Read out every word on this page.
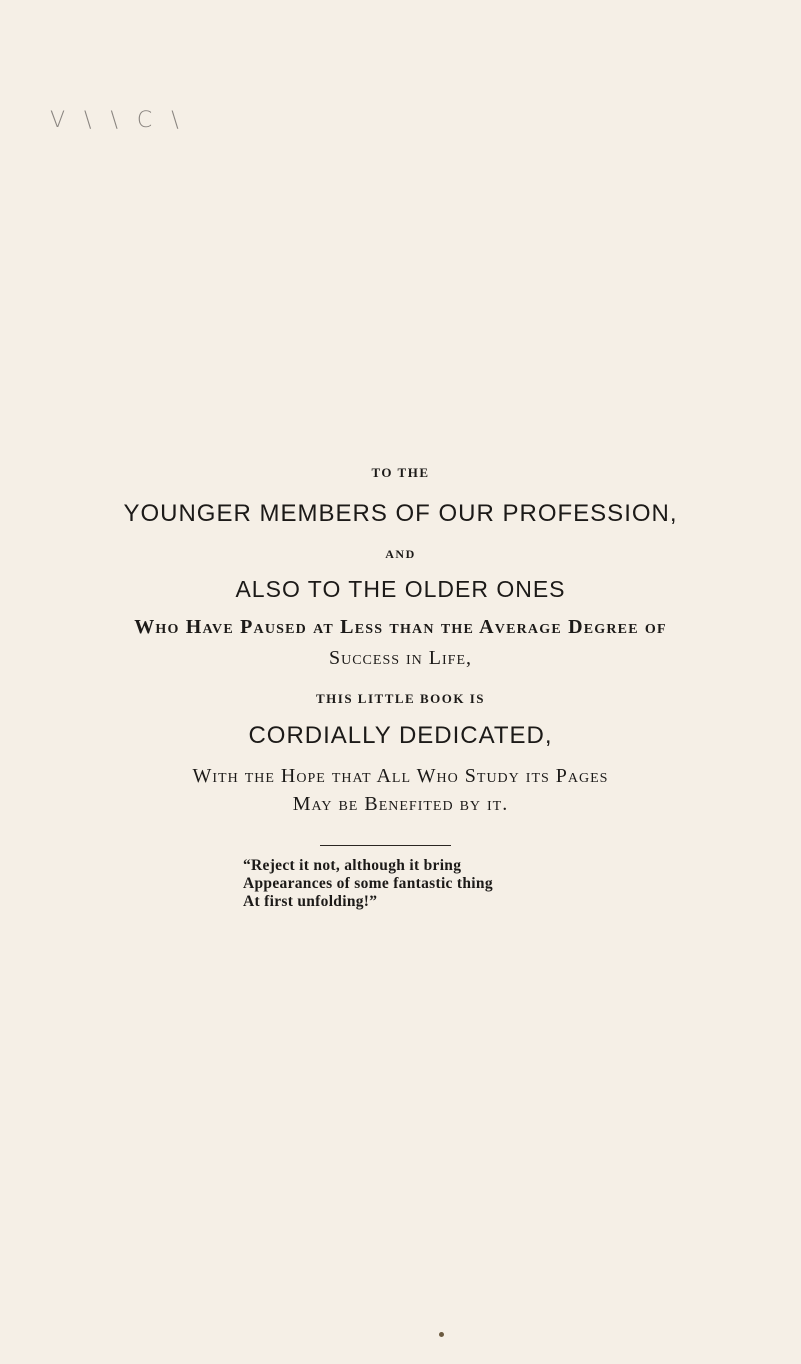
V \ \ C \
TO THE
YOUNGER MEMBERS OF OUR PROFESSION,
AND
ALSO TO THE OLDER ONES
Who Have Paused at Less than the Average Degree of
Success in Life,
THIS LITTLE BOOK IS
CORDIALLY DEDICATED,
With the Hope that All Who Study its Pages
May be Benefited by it.
“Reject it not, although it bring
Appearances of some fantastic thing
At first unfolding!”
